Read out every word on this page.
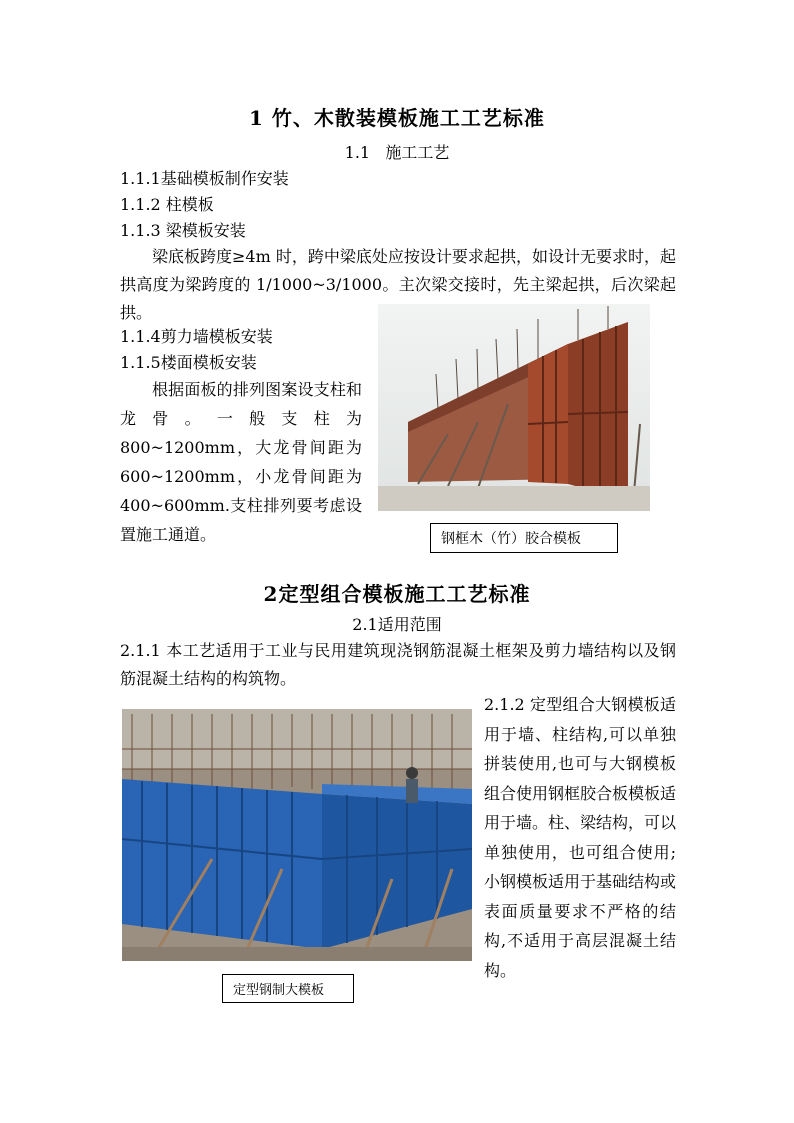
1 竹、木散装模板施工工艺标准
1.1   施工工艺
1.1.1基础模板制作安装
1.1.2 柱模板
1.1.3 梁模板安装
梁底板跨度≥4m 时，跨中梁底处应按设计要求起拱，如设计无要求时，起拱高度为梁跨度的 1/1000~3/1000。主次梁交接时，先主梁起拱，后次梁起拱。
1.1.4剪力墙模板安装
1.1.5楼面模板安装
根据面板的排列图案设支柱和龙骨。一般支柱为800~1200mm，大龙骨间距为600~1200mm，小龙骨间距为400~600mm.支柱排列要考虑设置施工通道。	钢框木（竹）胶合模板
2定型组合模板施工工艺标准
2.1适用范围
2.1.1 本工艺适用于工业与民用建筑现浇钢筋混凝土框架及剪力墙结构以及钢筋混凝土结构的构筑物。
定型钢制大模板
2.1.2 定型组合大钢模板适用于墙、柱结构,可以单独拼装使用,也可与大钢模板组合使用钢框胶合板模板适用于墙。柱、梁结构，可以单独使用，也可组合使用;小钢模板适用于基础结构或表面质量要求不严格的结构,不适用于高层混凝土结构。
